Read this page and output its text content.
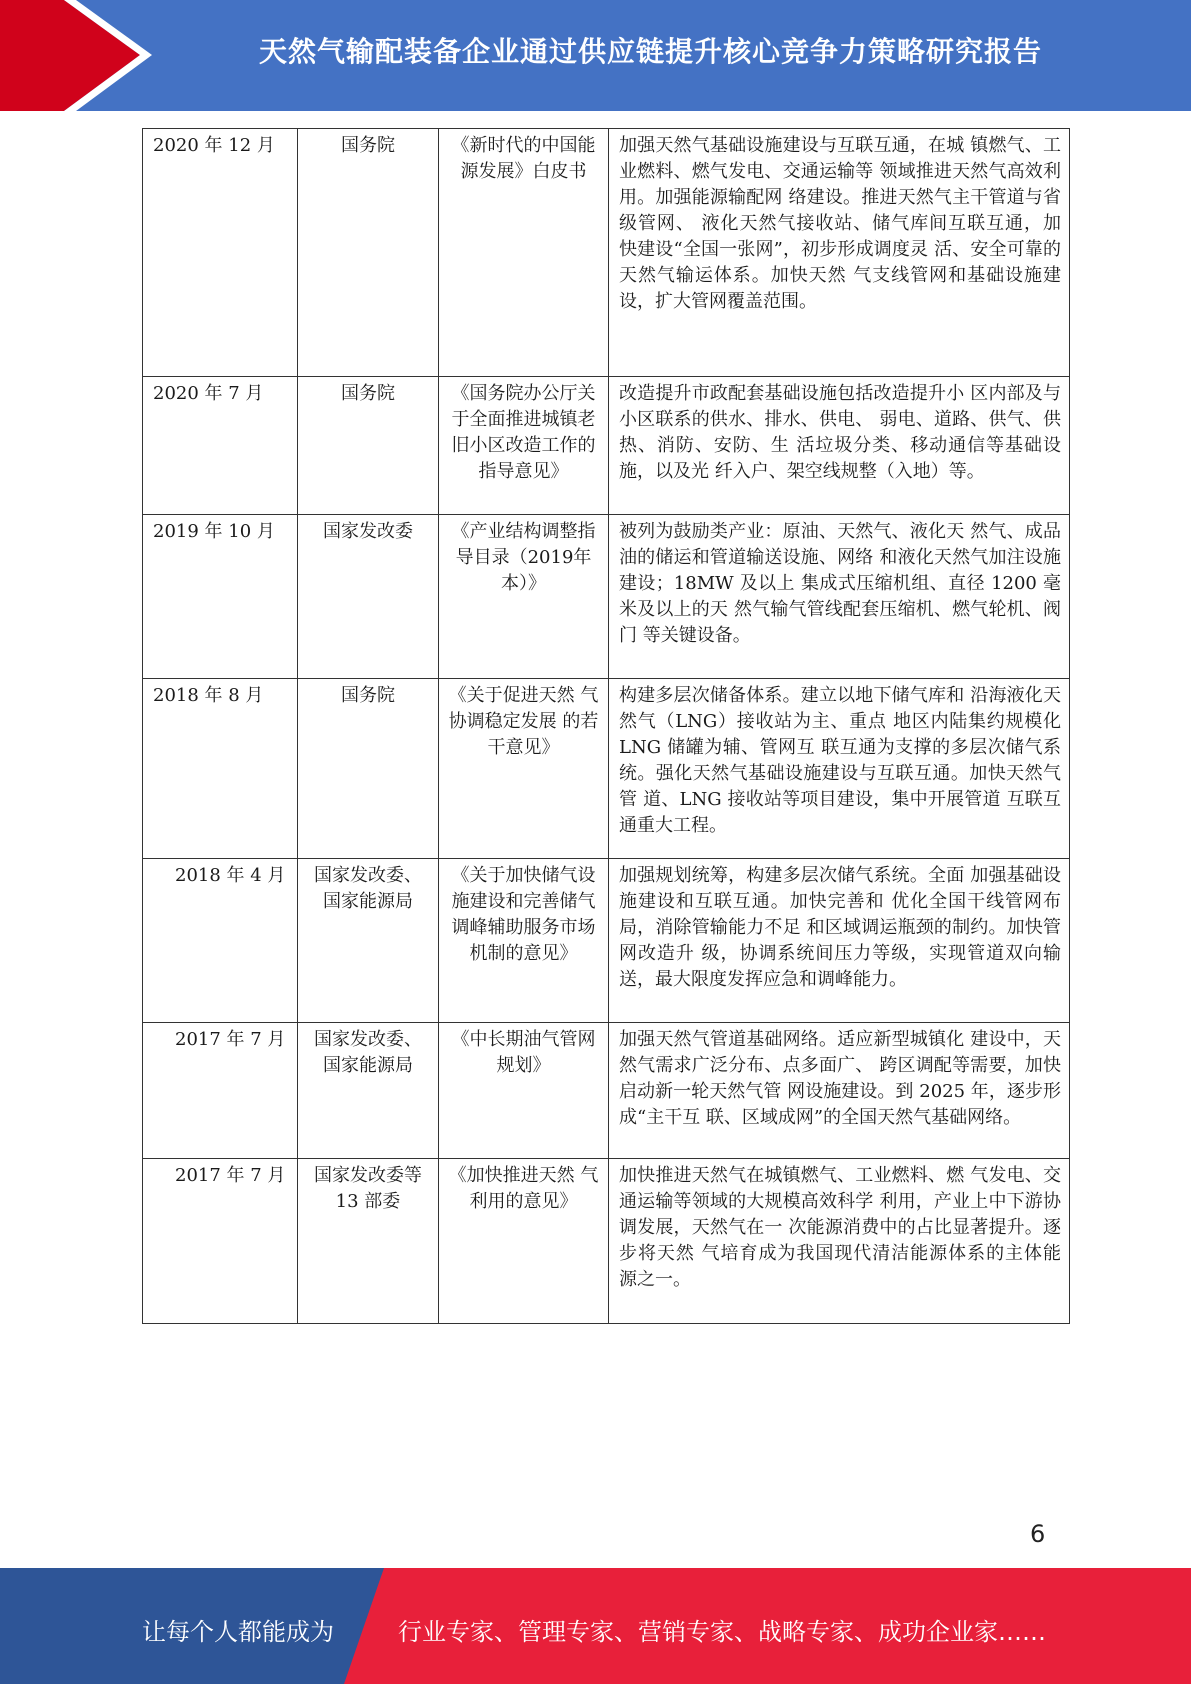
天然气输配装备企业通过供应链提升核心竞争力策略研究报告
2020 年 12 月	国务院	《新时代的中国能源发展》白皮书	加强天然气基础设施建设与互联互通，在城 镇燃气、工业燃料、燃气发电、交通运输等 领域推进天然气高效利用。加强能源输配网 络建设。推进天然气主干管道与省级管网、 液化天然气接收站、储气库间互联互通，加 快建设“全国一张网”，初步形成调度灵 活、安全可靠的天然气输运体系。加快天然 气支线管网和基础设施建设，扩大管网覆盖范围。
2020 年 7 月	国务院	《国务院办公厅关于全面推进城镇老旧小区改造工作的指导意见》	改造提升市政配套基础设施包括改造提升小 区内部及与小区联系的供水、排水、供电、 弱电、道路、供气、供热、消防、安防、生 活垃圾分类、移动通信等基础设施，以及光 纤入户、架空线规整（入地）等。
2019 年 10 月	国家发改委	《产业结构调整指导目录（2019年本）》	被列为鼓励类产业：原油、天然气、液化天 然气、成品油的储运和管道输送设施、网络 和液化天然气加注设施建设；18MW 及以上 集成式压缩机组、直径 1200 毫米及以上的天 然气输气管线配套压缩机、燃气轮机、阀门 等关键设备。
2018 年 8 月	国务院	《关于促进天然 气协调稳定发展 的若干意见》	构建多层次储备体系。建立以地下储气库和 沿海液化天然气（LNG）接收站为主、重点 地区内陆集约规模化 LNG 储罐为辅、管网互 联互通为支撑的多层次储气系统。强化天然气基础设施建设与互联互通。加快天然气管 道、LNG 接收站等项目建设，集中开展管道 互联互通重大工程。
2018 年 4 月	国家发改委、国家能源局	《关于加快储气设施建设和完善储气调峰辅助服务市场机制的意见》	加强规划统筹，构建多层次储气系统。全面 加强基础设施建设和互联互通。加快完善和 优化全国干线管网布局，消除管输能力不足 和区域调运瓶颈的制约。加快管网改造升 级，协调系统间压力等级，实现管道双向输 送，最大限度发挥应急和调峰能力。
2017 年 7 月	国家发改委、国家能源局	《中长期油气管网规划》	加强天然气管道基础网络。适应新型城镇化 建设中，天然气需求广泛分布、点多面广、 跨区调配等需要，加快启动新一轮天然气管 网设施建设。到 2025 年，逐步形成“主干互 联、区域成网”的全国天然气基础网络。
2017 年 7 月	国家发改委等 13 部委	《加快推进天然 气利用的意见》	加快推进天然气在城镇燃气、工业燃料、燃 气发电、交通运输等领域的大规模高效科学 利用，产业上中下游协调发展，天然气在一 次能源消费中的占比显著提升。逐步将天然 气培育成为我国现代清洁能源体系的主体能 源之一。
6
让每个人都能成为	行业专家、管理专家、营销专家、战略专家、成功企业家……
